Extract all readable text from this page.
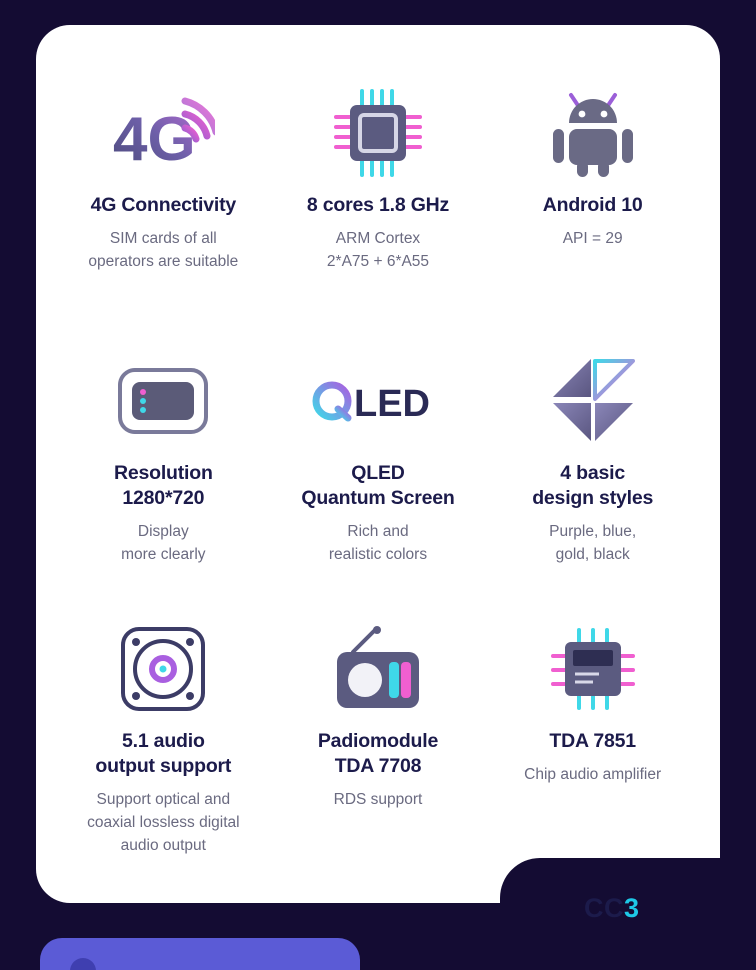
4G
4G Connectivity
SIM cards of all
operators are suitable
8 cores 1.8 GHz
ARM Cortex
2*A75 + 6*A55
Android 10
API = 29
Resolution
1280*720
Display
more clearly
LED
QLED
Quantum Screen
Rich and
realistic colors
4 basic
design styles
Purple, blue,
gold, black
5.1 audio
output support
Support optical and
coaxial lossless digital
audio output
Padiomodule
TDA 7708
RDS support
TDA 7851
Chip audio amplifier
CC3
